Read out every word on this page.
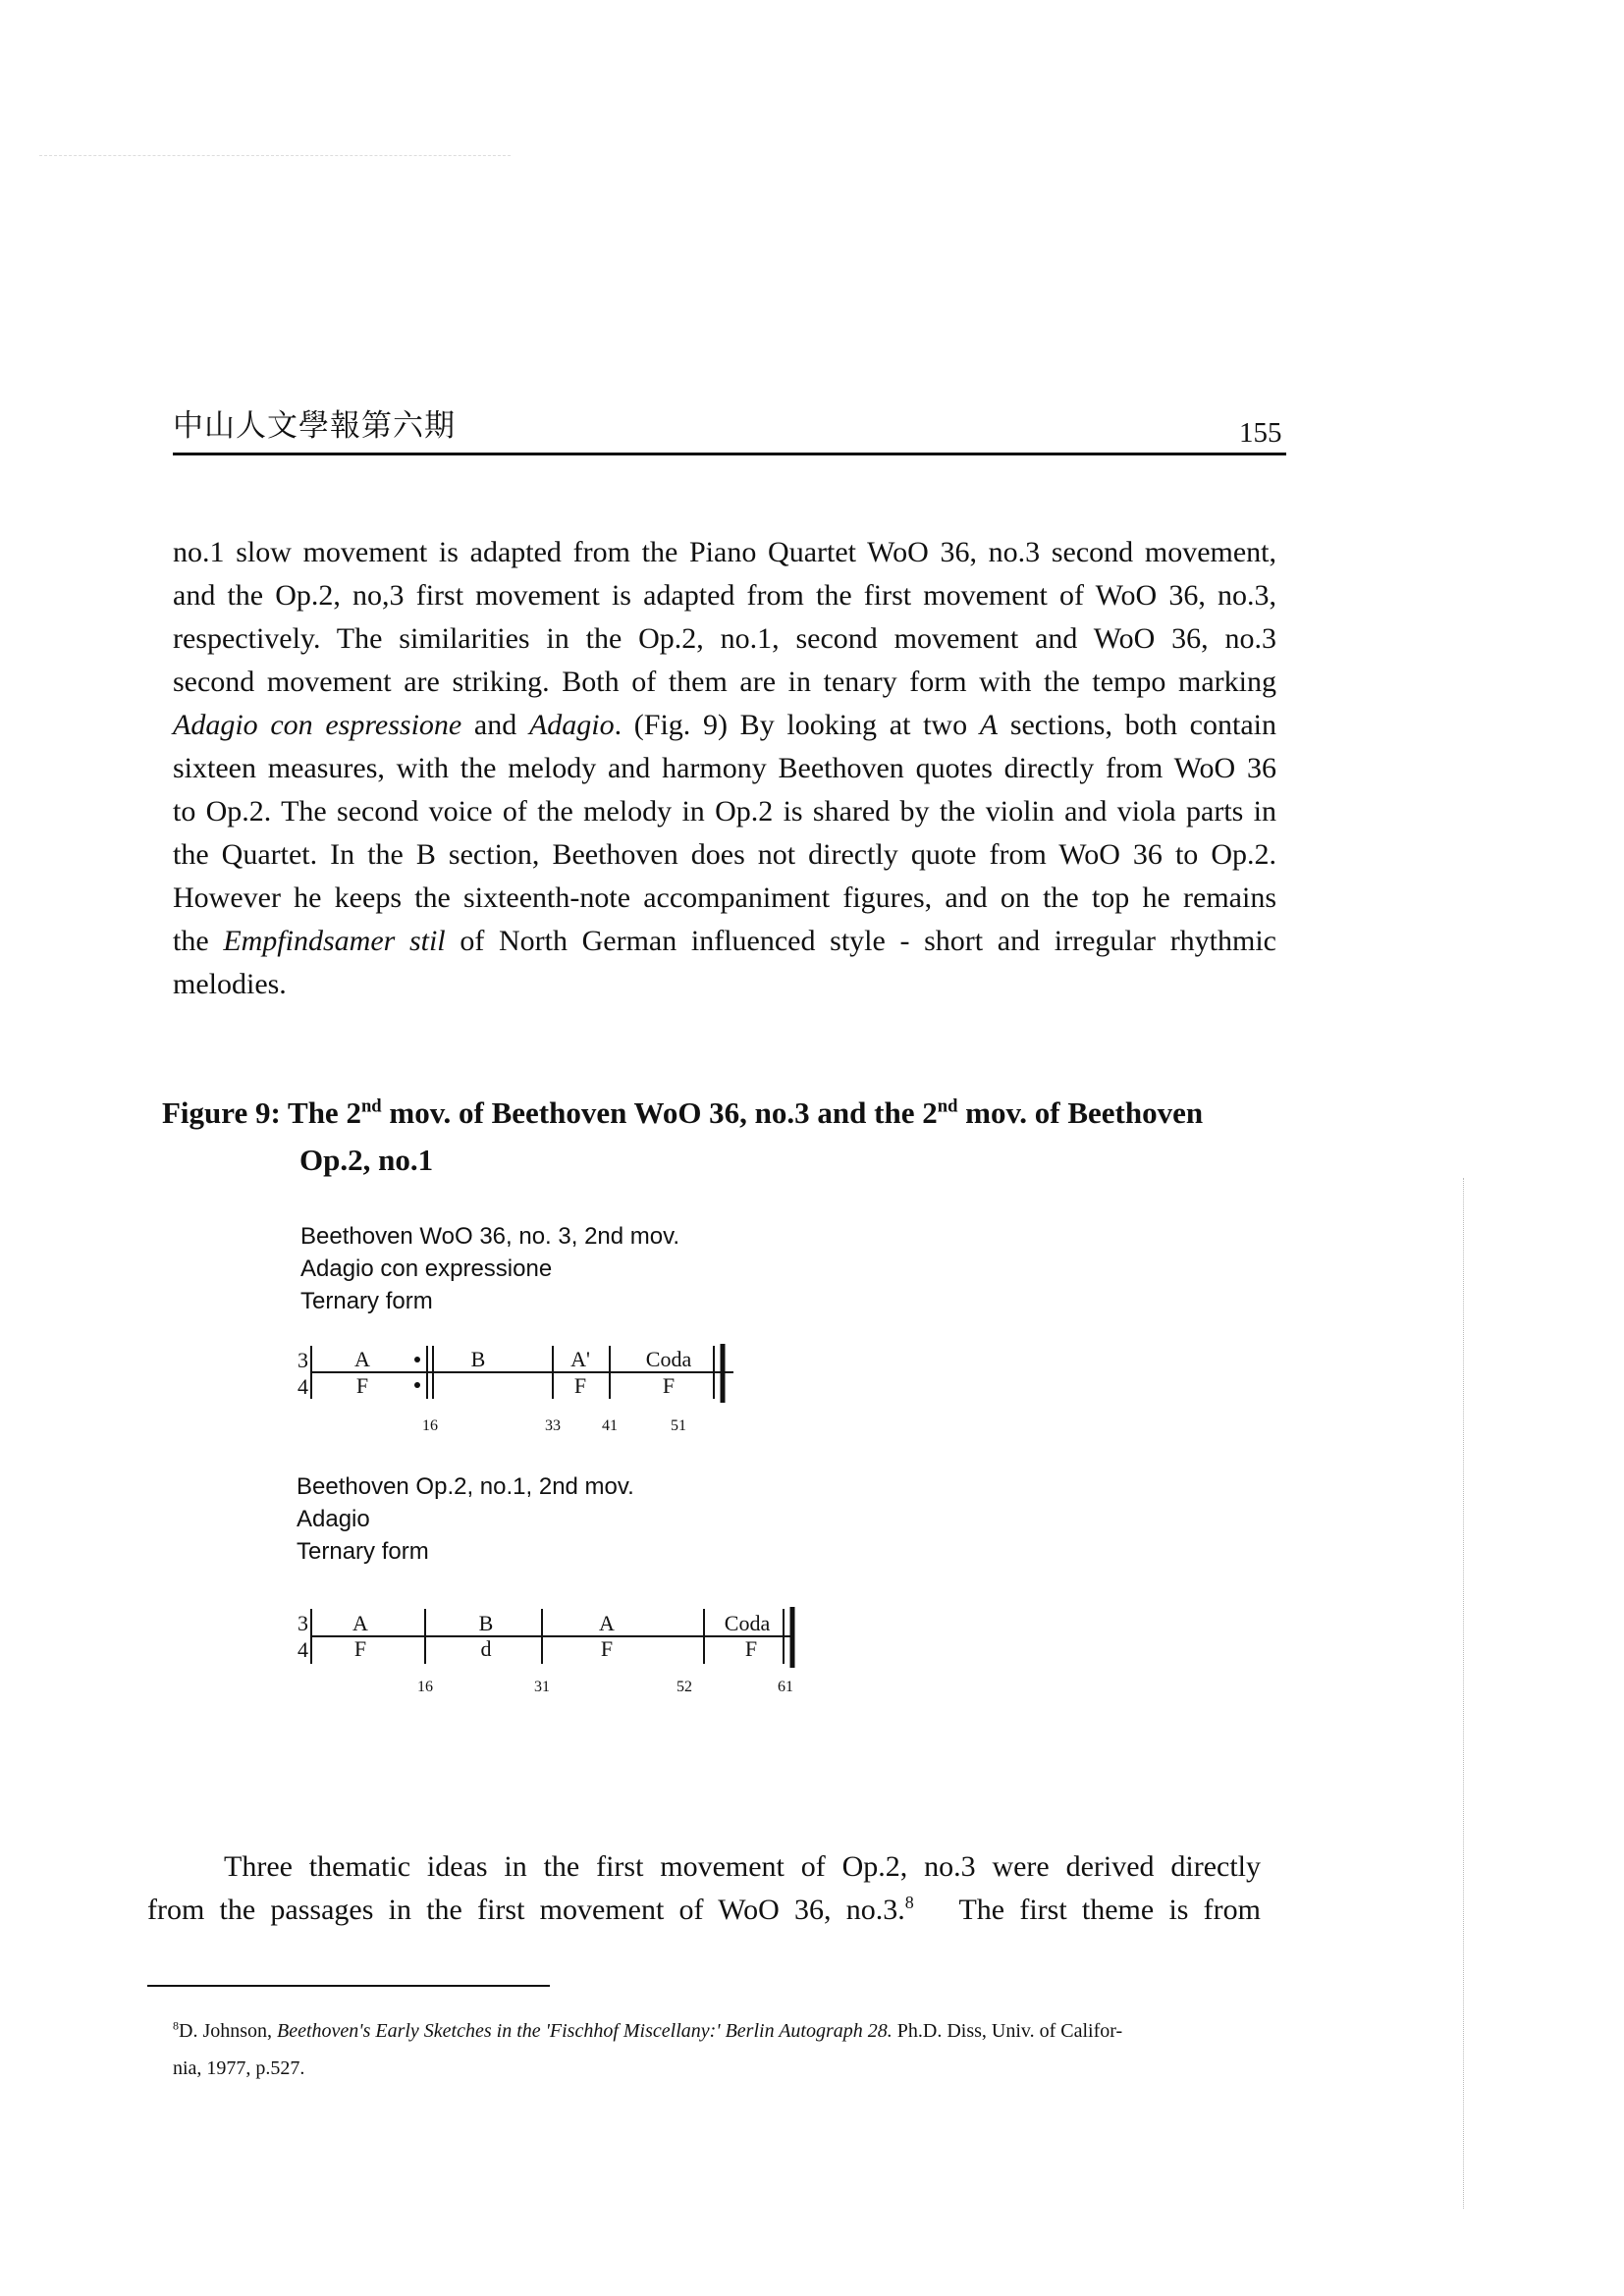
中山人文學報第六期	155
no.1 slow movement is adapted from the Piano Quartet WoO 36, no.3 second movement,
and the Op.2, no,3 first movement is adapted from the first movement of WoO 36, no.3,
respectively. The similarities in the Op.2, no.1, second movement and WoO 36, no.3
second movement are striking. Both of them are in tenary form with the tempo marking
Adagio con espressione and Adagio. (Fig. 9) By looking at two A sections, both contain
sixteen measures, with the melody and harmony Beethoven quotes directly from WoO 36
to Op.2. The second voice of the melody in Op.2 is shared by the violin and viola parts in
the Quartet. In the B section, Beethoven does not directly quote from WoO 36 to Op.2.
However he keeps the sixteenth-note accompaniment figures, and on the top he remains
the Empfindsamer stil of North German influenced style - short and irregular rhythmic
melodies.
Figure 9: The 2nd mov. of Beethoven WoO 36, no.3 and the 2nd mov. of Beethoven
Op.2, no.1
Beethoven WoO 36, no. 3, 2nd mov.
Adagio con expressione
Ternary form
3
4
A
F
16
B
33
A'
F
41
Coda
F
51
Beethoven Op.2, no.1, 2nd mov.
Adagio
Ternary form
3
4
A
F
16
B
d
31
A
F
52
Coda
F
61
Three thematic ideas in the first movement of Op.2, no.3 were derived directly
from the passages in the first movement of WoO 36, no.3.$^8$ The first theme is from
$^8$D. Johnson, Beethoven's Early Sketches in the 'Fischhof Miscellany:' Berlin Autograph 28. Ph.D. Diss, Univ. of Califor-
nia, 1977, p.527.
